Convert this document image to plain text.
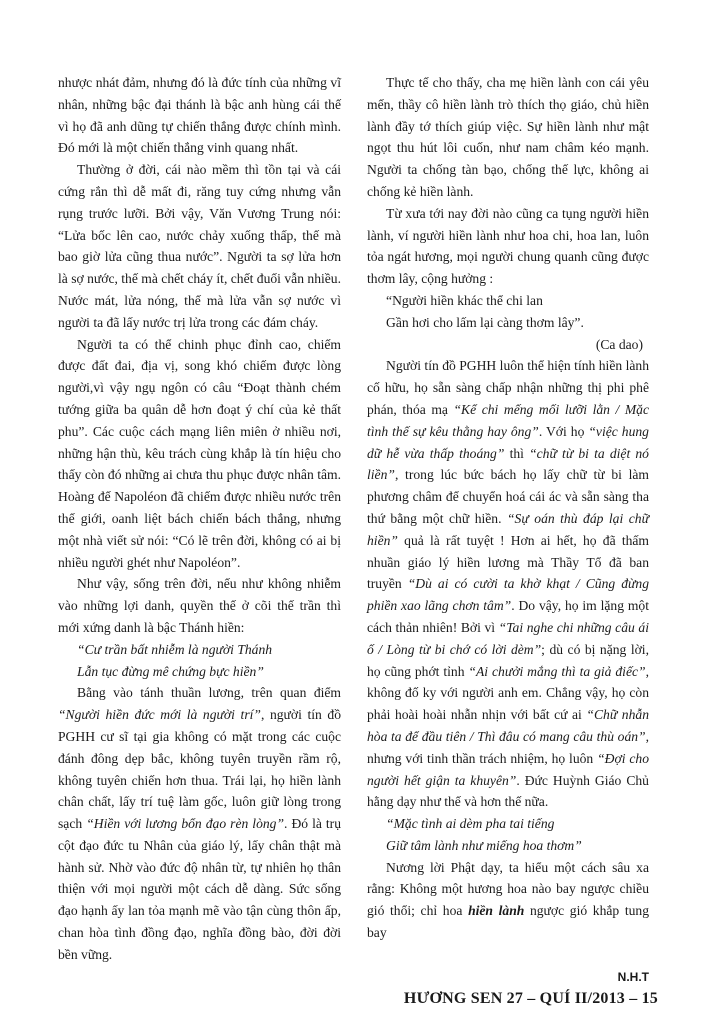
nhược nhát đảm, nhưng đó là đức tính của những vĩ nhân, những bậc đại thánh là bậc anh hùng cái thế vì họ đã anh dũng tự chiến thắng được chính mình. Đó mới là một chiến thắng vinh quang nhất.

Thường ở đời, cái nào mềm thì tồn tại và cái cứng rắn thì dễ mất đi, răng tuy cứng nhưng vẫn rụng trước lưỡi. Bởi vậy, Văn Vương Trung nói: “Lửa bốc lên cao, nước chảy xuống thấp, thế mà bao giờ lửa cũng thua nước”. Người ta sợ lửa hơn là sợ nước, thế mà chết cháy ít, chết đuối vẫn nhiều. Nước mát, lửa nóng, thế mà lửa vẫn sợ nước vì người ta đã lấy nước trị lửa trong các đám cháy.

Người ta có thể chinh phục đỉnh cao, chiếm được đất đai, địa vị, song khó chiếm được lòng người,vì vậy ngụ ngôn có câu “Đoạt thành chém tướng giữa ba quân dễ hơn đoạt ý chí của kẻ thất phu”. Các cuộc cách mạng liên miên ở nhiều nơi, những hận thù, kêu trách cùng khắp là tín hiệu cho thấy còn đó những ai chưa thu phục được nhân tâm. Hoàng đế Napoléon đã chiếm được nhiều nước trên thế giới, oanh liệt bách chiến bách thắng, nhưng một nhà viết sử nói: “Có lẽ trên đời, không có ai bị nhiều người ghét như Napoléon”.

Như vậy, sống trên đời, nếu như không nhiễm vào những lợi danh, quyền thế ở cõi thế trần thì mới xứng danh là bậc Thánh hiền:

“Cư trần bất nhiễm là người Thánh

Lẫn tục đừng mê chứng bực hiền”

Bằng vào tánh thuần lương, trên quan điểm “Người hiền đức mới là người trí”, người tín đồ PGHH cư sĩ tại gia không có mặt trong các cuộc đánh đông dẹp bắc, không tuyên truyền rầm rộ, không tuyên chiến hơn thua. Trái lại, họ hiền lành chân chất, lấy trí tuệ làm gốc, luôn giữ lòng trong sạch “Hiền với lương bổn đạo rèn lòng”. Đó là trụ cột đạo đức tu Nhân của giáo lý, lấy chân thật mà hành sử. Nhờ vào đức độ nhân từ, tự nhiên họ thân thiện với mọi người một cách dễ dàng. Sức sống đạo hạnh ấy lan tỏa mạnh mẽ vào tận cùng thôn ấp, chan hòa tình đồng đạo, nghĩa đồng bào, đời đời bền vững.

Thực tế cho thấy, cha mẹ hiền lành con cái yêu mến, thầy cô hiền lành trò thích thọ giáo, chủ hiền lành đầy tớ thích giúp việc. Sự hiền lành như mật ngọt thu hút lôi cuốn, như nam châm kéo mạnh. Người ta chống tàn bạo, chống thế lực, không ai chống kẻ hiền lành.

Từ xưa tới nay đời nào cũng ca tụng người hiền lành, ví người hiền lành như hoa chi, hoa lan, luôn tỏa ngát hương, mọi người chung quanh cũng được thơm lây, cộng hưởng :

“Người hiền khác thể chi lan

Gần hơi cho lấm lại càng thơm lây”.

(Ca dao)

Người tín đồ PGHH luôn thể hiện tính hiền lành cố hữu, họ sẵn sàng chấp nhận những thị phi phê phán, thóa mạ “Kể chi mếng mối lưỡi lằn / Mặc tình thế sự kêu thằng hay ông”. Với họ “việc hung dữ hễ vừa thấp thoáng” thì “chữ từ bi ta diệt nó liền”, trong lúc bức bách họ lấy chữ từ bi làm phương châm để chuyển hoá cái ác và sẵn sàng tha thứ bằng một chữ hiền. “Sự oán thù đáp lại chữ hiền” quả là rất tuyệt ! Hơn ai hết, họ đã thấm nhuần giáo lý hiền lương mà Thầy Tổ đã ban truyền “Dù ai có cười ta khờ khạt / Cũng đừng phiền xao lãng chơn tâm”. Do vậy, họ im lặng một cách thản nhiên! Bởi vì “Tai nghe chi những câu ái ố / Lòng từ bi chớ có lời dèm”; dù có bị nặng lời, họ cũng phớt tỉnh “Ai chưởi mắng thì ta giả điếc”, không đố ky với người anh em. Chẳng vậy, họ còn phải hoài hoài nhẫn nhịn với bất cứ ai “Chữ nhẫn hòa ta để đầu tiên / Thì đâu có mang câu thù oán”, nhưng với tinh thần trách nhiệm, họ luôn “Đợi cho người hết giận ta khuyên”. Đức Huỳnh Giáo Chủ hằng dạy như thế và hơn thế nữa.

“Mặc tình ai dèm pha tai tiếng

Giữ tâm lành như miếng hoa thơm”

Nương lời Phật dạy, ta hiểu một cách sâu xa rằng: Không một hương hoa nào bay ngược chiều gió thổi; chỉ hoa hiền lành ngược gió khắp tung bay

N.H.T
HƯƠNG SEN 27 – QUÍ II/2013 – 15
